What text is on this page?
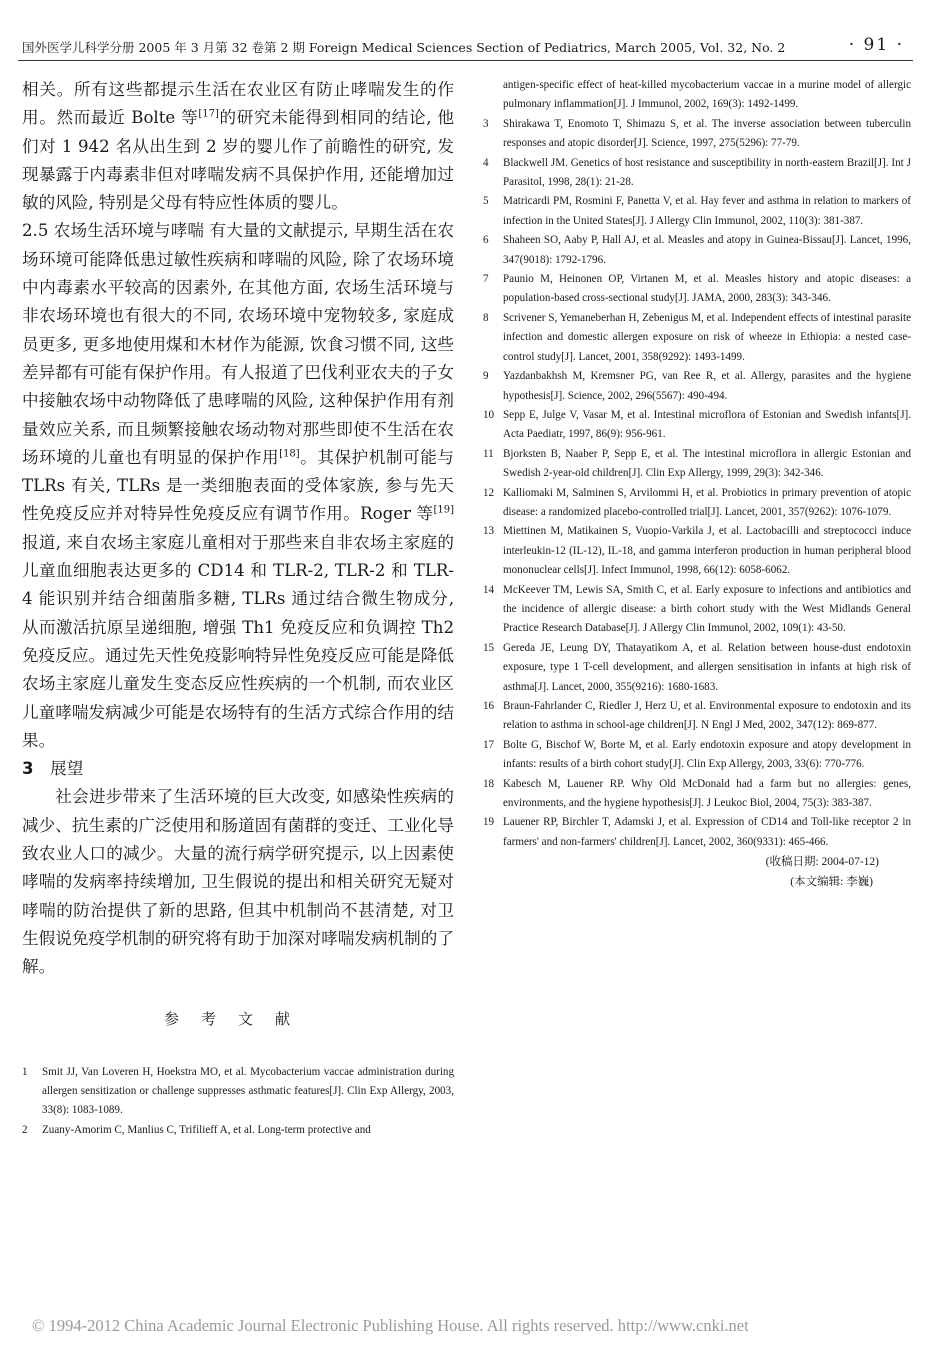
国外医学儿科学分册 2005 年 3 月第 32 卷第 2 期 Foreign Medical Sciences Section of Pediatrics, March 2005, Vol. 32, No. 2	· 91 ·

相关。所有这些都提示生活在农业区有防止哮喘发生的作用。然而最近 Bolte 等[17]的研究未能得到相同的结论, 他们对 1 942 名从出生到 2 岁的婴儿作了前瞻性的研究, 发现暴露于内毒素非但对哮喘发病不具保护作用, 还能增加过敏的风险, 特别是父母有特应性体质的婴儿。

2.5 农场生活环境与哮喘 有大量的文献提示, 早期生活在农场环境可能降低患过敏性疾病和哮喘的风险, 除了农场环境中内毒素水平较高的因素外, 在其他方面, 农场生活环境与非农场环境也有很大的不同, 农场环境中宠物较多, 家庭成员更多, 更多地使用煤和木材作为能源, 饮食习惯不同, 这些差异都有可能有保护作用。有人报道了巴伐利亚农夫的子女中接触农场中动物降低了患哮喘的风险, 这种保护作用有剂量效应关系, 而且频繁接触农场动物对那些即使不生活在农场环境的儿童也有明显的保护作用[18]。其保护机制可能与 TLRs 有关, TLRs 是一类细胞表面的受体家族, 参与先天性免疫反应并对特异性免疫反应有调节作用。Roger 等[19]报道, 来自农场主家庭儿童相对于那些来自非农场主家庭的儿童血细胞表达更多的 CD14 和 TLR-2, TLR-2 和 TLR-4 能识别并结合细菌脂多糖, TLRs 通过结合微生物成分, 从而激活抗原呈递细胞, 增强 Th1 免疫反应和负调控 Th2 免疫反应。通过先天性免疫影响特异性免疫反应可能是降低农场主家庭儿童发生变态反应性疾病的一个机制, 而农业区儿童哮喘发病减少可能是农场特有的生活方式综合作用的结果。

3 展望

社会进步带来了生活环境的巨大改变, 如感染性疾病的减少、抗生素的广泛使用和肠道固有菌群的变迁、工业化导致农业人口的减少。大量的流行病学研究提示, 以上因素使哮喘的发病率持续增加, 卫生假说的提出和相关研究无疑对哮喘的防治提供了新的思路, 但其中机制尚不甚清楚, 对卫生假说免疫学机制的研究将有助于加深对哮喘发病机制的了解。

参考文献
1	Smit JJ, Van Loveren H, Hoekstra MO, et al. Mycobacterium vaccae administration during allergen sensitization or challenge suppresses asthmatic features[J]. Clin Exp Allergy, 2003, 33(8): 1083-1089.
2	Zuany-Amorim C, Manlius C, Trifilieff A, et al. Long-term protective and
antigen-specific effect of heat-killed mycobacterium vaccae in a murine model of allergic pulmonary inflammation[J]. J Immunol, 2002, 169(3): 1492-1499.
3	Shirakawa T, Enomoto T, Shimazu S, et al. The inverse association between tuberculin responses and atopic disorder[J]. Science, 1997, 275(5296): 77-79.
4	Blackwell JM. Genetics of host resistance and susceptibility in north-eastern Brazil[J]. Int J Parasitol, 1998, 28(1): 21-28.
5	Matricardi PM, Rosmini F, Panetta V, et al. Hay fever and asthma in relation to markers of infection in the United States[J]. J Allergy Clin Immunol, 2002, 110(3): 381-387.
6	Shaheen SO, Aaby P, Hall AJ, et al. Measles and atopy in Guinea-Bissau[J]. Lancet, 1996, 347(9018): 1792-1796.
7	Paunio M, Heinonen OP, Virtanen M, et al. Measles history and atopic diseases: a population-based cross-sectional study[J]. JAMA, 2000, 283(3): 343-346.
8	Scrivener S, Yemaneberhan H, Zebenigus M, et al. Independent effects of intestinal parasite infection and domestic allergen exposure on risk of wheeze in Ethiopia: a nested case-control study[J]. Lancet, 2001, 358(9292): 1493-1499.
9	Yazdanbakhsh M, Kremsner PG, van Ree R, et al. Allergy, parasites and the hygiene hypothesis[J]. Science, 2002, 296(5567): 490-494.
10 Sepp E, Julge V, Vasar M, et al. Intestinal microflora of Estonian and Swedish infants[J]. Acta Paediatr, 1997, 86(9): 956-961.
11 Bjorksten B, Naaber P, Sepp E, et al. The intestinal microflora in allergic Estonian and Swedish 2-year-old children[J]. Clin Exp Allergy, 1999, 29(3): 342-346.
12 Kalliomaki M, Salminen S, Arvilommi H, et al. Probiotics in primary prevention of atopic disease: a randomized placebo-controlled trial[J]. Lancet, 2001, 357(9262): 1076-1079.
13 Miettinen M, Matikainen S, Vuopio-Varkila J, et al. Lactobacilli and streptococci induce interleukin-12 (IL-12), IL-18, and gamma interferon production in human peripheral blood mononuclear cells[J]. Infect Immunol, 1998, 66(12): 6058-6062.
14 McKeever TM, Lewis SA, Smith C, et al. Early exposure to infections and antibiotics and the incidence of allergic disease: a birth cohort study with the West Midlands General Practice Research Database[J]. J Allergy Clin Immunol, 2002, 109(1): 43-50.
15 Gereda JE, Leung DY, Thatayatikom A, et al. Relation between house-dust endotoxin exposure, type 1 T-cell development, and allergen sensitisation in infants at high risk of asthma[J]. Lancet, 2000, 355(9216): 1680-1683.
16 Braun-Fahrlander C, Riedler J, Herz U, et al. Environmental exposure to endotoxin and its relation to asthma in school-age children[J]. N Engl J Med, 2002, 347(12): 869-877.
17 Bolte G, Bischof W, Borte M, et al. Early endotoxin exposure and atopy development in infants: results of a birth cohort study[J]. Clin Exp Allergy, 2003, 33(6): 770-776.
18 Kabesch M, Lauener RP. Why Old McDonald had a farm but no allergies: genes, environments, and the hygiene hypothesis[J]. J Leukoc Biol, 2004, 75(3): 383-387.
19 Lauener RP, Birchler T, Adamski J, et al. Expression of CD14 and Toll-like receptor 2 in farmers' and non-farmers' children[J]. Lancet, 2002, 360(9331): 465-466.
(收稿日期: 2004-07-12)
(本文编辑: 李巍)
© 1994-2012 China Academic Journal Electronic Publishing House. All rights reserved. http://www.cnki.net
